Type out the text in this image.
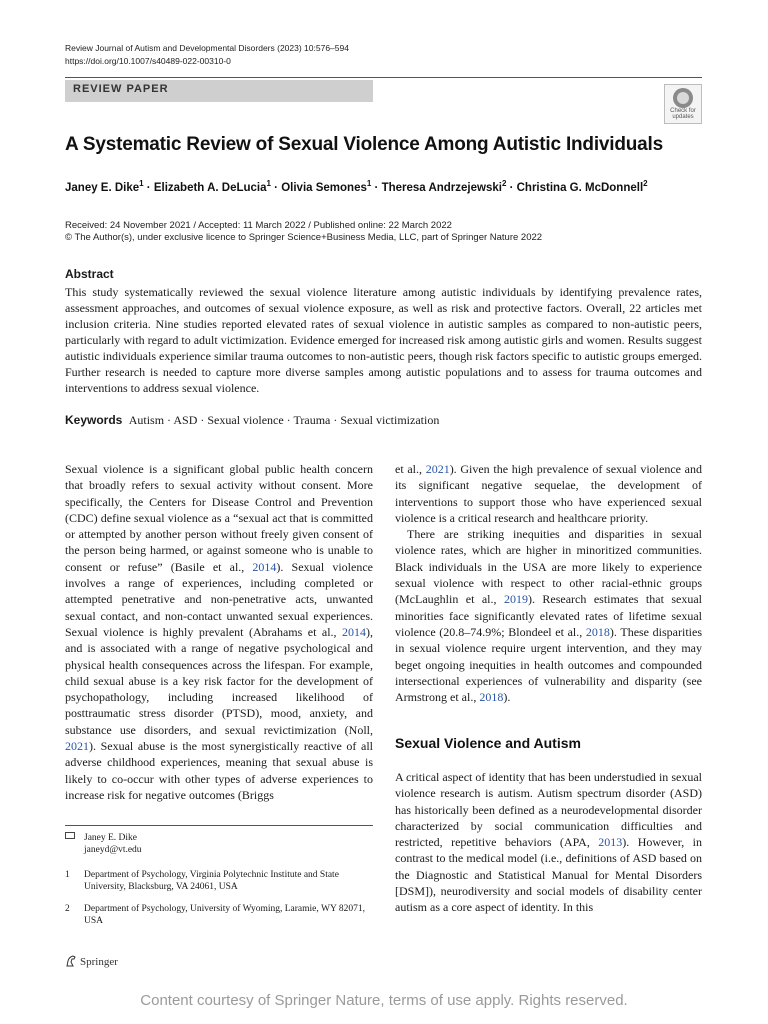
Review Journal of Autism and Developmental Disorders (2023) 10:576–594
https://doi.org/10.1007/s40489-022-00310-0
REVIEW PAPER
Check for
updates
A Systematic Review of Sexual Violence Among Autistic Individuals
Janey E. Dike$^1$ · Elizabeth A. DeLucia$^1$ · Olivia Semones$^1$ · Theresa Andrzejewski$^2$ · Christina G. McDonnell$^2$
Received: 24 November 2021 / Accepted: 11 March 2022 / Published online: 22 March 2022
© The Author(s), under exclusive licence to Springer Science+Business Media, LLC, part of Springer Nature 2022
Abstract
This study systematically reviewed the sexual violence literature among autistic individuals by identifying prevalence rates, assessment approaches, and outcomes of sexual violence exposure, as well as risk and protective factors. Overall, 22 articles met inclusion criteria. Nine studies reported elevated rates of sexual violence in autistic samples as compared to non-autistic peers, particularly with regard to adult victimization. Evidence emerged for increased risk among autistic girls and women. Results suggest autistic individuals experience similar trauma outcomes to non-autistic peers, though risk factors specific to autistic groups emerged. Further research is needed to capture more diverse samples among autistic populations and to assess for trauma outcomes and interventions to address sexual violence.
Keywords Autism · ASD · Sexual violence · Trauma · Sexual victimization

Sexual violence is a significant global public health concern that broadly refers to sexual activity without consent. More specifically, the Centers for Disease Control and Prevention (CDC) define sexual violence as a “sexual act that is committed or attempted by another person without freely given consent of the person being harmed, or against someone who is unable to consent or refuse” (Basile et al., 2014). Sexual violence involves a range of experiences, including completed or attempted penetrative and non-penetrative acts, unwanted sexual contact, and non-contact unwanted sexual experiences. Sexual violence is highly prevalent (Abrahams et al., 2014), and is associated with a range of negative psychological and physical health consequences across the lifespan. For example, child sexual abuse is a key risk factor for the development of psychopathology, including increased likelihood of posttraumatic stress disorder (PTSD), mood, anxiety, and substance use disorders, and sexual revictimization (Noll, 2021). Sexual abuse is the most synergistically reactive of all adverse childhood experiences, meaning that sexual abuse is likely to co-occur with other types of adverse experiences to increase risk for negative outcomes (Briggs

et al., 2021). Given the high prevalence of sexual violence and its significant negative sequelae, the development of interventions to support those who have experienced sexual violence is a critical research and healthcare priority.

There are striking inequities and disparities in sexual violence rates, which are higher in minoritized communities. Black individuals in the USA are more likely to experience sexual violence with respect to other racial-ethnic groups (McLaughlin et al., 2019). Research estimates that sexual minorities face significantly elevated rates of lifetime sexual violence (20.8–74.9%; Blondeel et al., 2018). These disparities in sexual violence require urgent intervention, and they may beget ongoing inequities in health outcomes and compounded intersectional experiences of vulnerability and disparity (see Armstrong et al., 2018).

Sexual Violence and Autism

A critical aspect of identity that has been understudied in sexual violence research is autism. Autism spectrum disorder (ASD) has historically been defined as a neurodevelopmental disorder characterized by social communication difficulties and restricted, repetitive behaviors (APA, 2013). However, in contrast to the medical model (i.e., definitions of ASD based on the Diagnostic and Statistical Manual for Mental Disorders [DSM]), neurodiversity and social models of disability center autism as a core aspect of identity. In this

Janey E. Dike
janeyd@vt.edu
1 Department of Psychology, Virginia Polytechnic Institute and State University, Blacksburg, VA 24061, USA
2 Department of Psychology, University of Wyoming, Laramie, WY 82071, USA
Springer
Content courtesy of Springer Nature, terms of use apply. Rights reserved.
